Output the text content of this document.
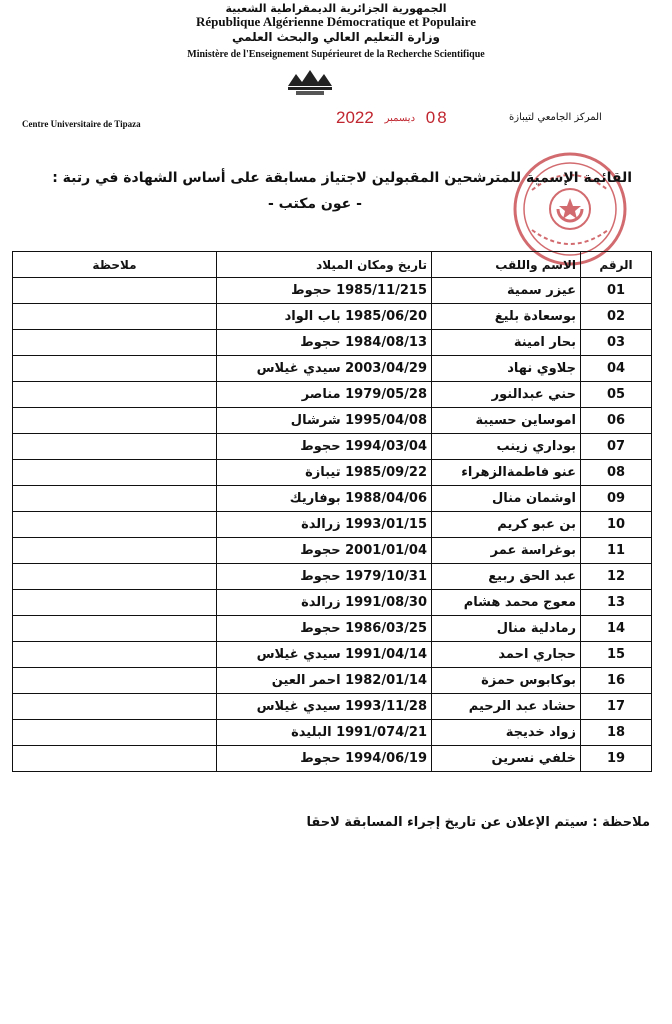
الجمهورية الجزائرية الديمقراطية الشعبية
République Algérienne Démocratique et Populaire
وزارة التعليم العالي والبحث العلمي
Ministère de l'Enseignement Supérieuret de la Recherche Scientifique
Centre Universitaire de Tipaza
المركز الجامعي لتيبازة
2022 ديسمبر 08
القائمة الإسمية للمترشحين المقبولين لاجتياز مسابقة على أساس الشهادة في رتبة :
- عون مكتب -
الرقم	الاسم واللقب	تاريخ ومكان الميلاد	ملاحظة
01	عيزر سمية	1985/11/215 حجوط	
02	بوسعادة بليغ	1985/06/20 باب الواد	
03	بحار امينة	1984/08/13 حجوط	
04	جلاوي نهاد	2003/04/29 سيدي غيلاس	
05	حني عبدالنور	1979/05/28 مناصر	
06	اموساين حسيبة	1995/04/08 شرشال	
07	بوداري زينب	1994/03/04 حجوط	
08	عنو فاطمةالزهراء	1985/09/22 تيبازة	
09	اوشمان منال	1988/04/06 بوفاريك	
10	بن عبو كريم	1993/01/15 زرالدة	
11	بوغراسة عمر	2001/01/04 حجوط	
12	عبد الحق ربيع	1979/10/31 حجوط	
13	معوج محمد هشام	1991/08/30 زرالدة	
14	رمادلية منال	1986/03/25 حجوط	
15	حجاري احمد	1991/04/14 سيدي غيلاس	
16	بوكابوس حمزة	1982/01/14 احمر العين	
17	حشاد عبد الرحيم	1993/11/28 سيدي غيلاس	
18	زواد خديجة	1991/074/21 البليدة	
19	خلفي نسرين	1994/06/19 حجوط	
ملاحظة : سيتم الإعلان عن تاريخ إجراء المسابقة لاحقا
